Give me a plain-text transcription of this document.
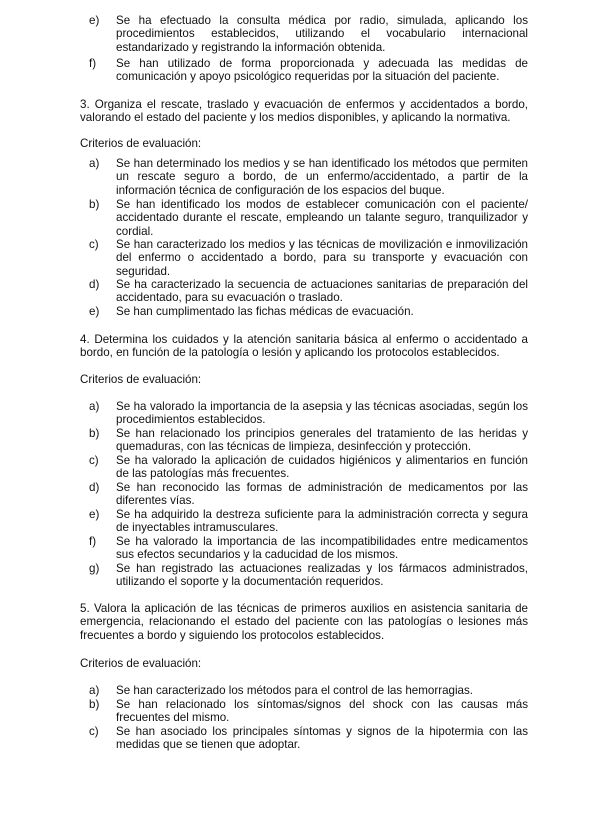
e) Se ha efectuado la consulta médica por radio, simulada, aplicando los procedimientos establecidos, utilizando el vocabulario internacional estandarizado y registrando la información obtenida.
f) Se han utilizado de forma proporcionada y adecuada las medidas de comunicación y apoyo psicológico requeridas por la situación del paciente.
3. Organiza el rescate, traslado y evacuación de enfermos y accidentados a bordo, valorando el estado del paciente y los medios disponibles, y aplicando la normativa.
Criterios de evaluación:
a) Se han determinado los medios y se han identificado los métodos que permiten un rescate seguro a bordo, de un enfermo/accidentado, a partir de la información técnica de configuración de los espacios del buque.
b) Se han identificado los modos de establecer comunicación con el paciente/ accidentado durante el rescate, empleando un talante seguro, tranquilizador y cordial.
c) Se han caracterizado los medios y las técnicas de movilización e inmovilización del enfermo o accidentado a bordo, para su transporte y evacuación con seguridad.
d) Se ha caracterizado la secuencia de actuaciones sanitarias de preparación del accidentado, para su evacuación o traslado.
e) Se han cumplimentado las fichas médicas de evacuación.
4. Determina los cuidados y la atención sanitaria básica al enfermo o accidentado a bordo, en función de la patología o lesión y aplicando los protocolos establecidos.
Criterios de evaluación:
a) Se ha valorado la importancia de la asepsia y las técnicas asociadas, según los procedimientos establecidos.
b) Se han relacionado los principios generales del tratamiento de las heridas y quemaduras, con las técnicas de limpieza, desinfección y protección.
c) Se ha valorado la aplicación de cuidados higiénicos y alimentarios en función de las patologías más frecuentes.
d) Se han reconocido las formas de administración de medicamentos por las diferentes vías.
e) Se ha adquirido la destreza suficiente para la administración correcta y segura de inyectables intramusculares.
f) Se ha valorado la importancia de las incompatibilidades entre medicamentos sus efectos secundarios y la caducidad de los mismos.
g) Se han registrado las actuaciones realizadas y los fármacos administrados, utilizando el soporte y la documentación requeridos.
5. Valora la aplicación de las técnicas de primeros auxilios en asistencia sanitaria de emergencia, relacionando el estado del paciente con las patologías o lesiones más frecuentes a bordo y siguiendo los protocolos establecidos.
Criterios de evaluación:
a) Se han caracterizado los métodos para el control de las hemorragias.
b) Se han relacionado los síntomas/signos del shock con las causas más frecuentes del mismo.
c) Se han asociado los principales síntomas y signos de la hipotermia con las medidas que se tienen que adoptar.
